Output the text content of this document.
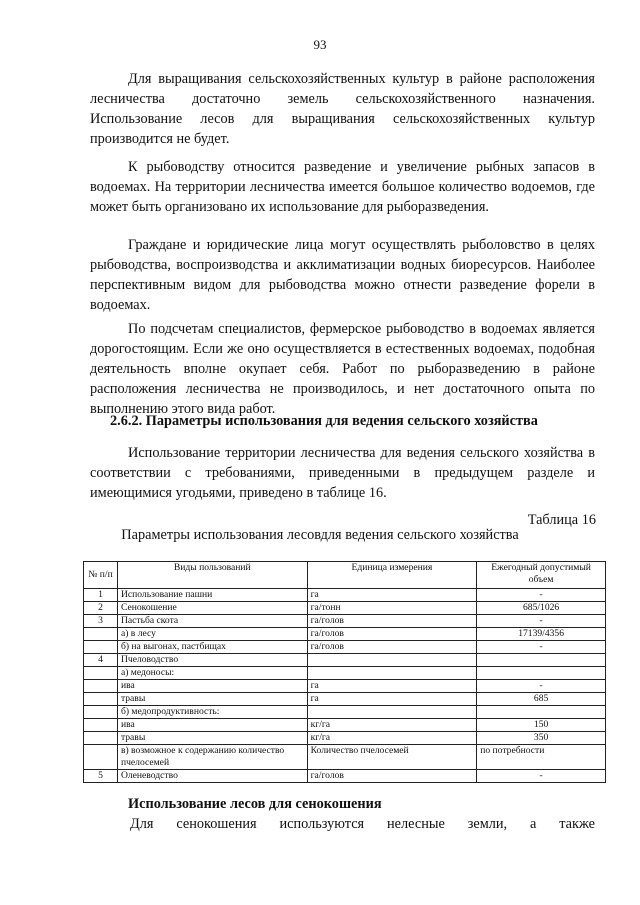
93

Для выращивания сельскохозяйственных культур в районе расположения лесничества достаточно земель сельскохозяйственного назначения. Использование лесов для выращивания сельскохозяйственных культур производится не будет.

К рыбоводству относится разведение и увеличение рыбных запасов в водоемах. На территории лесничества имеется большое количество водоемов, где может быть организовано их использование для рыборазведения.

Граждане и юридические лица могут осуществлять рыболовство в целях рыбоводства, воспроизводства и акклиматизации водных биоресурсов. Наиболее перспективным видом для рыбоводства можно отнести разведение форели в водоемах.

По подсчетам специалистов, фермерское рыбоводство в водоемах является дорогостоящим. Если же оно осуществляется в естественных водоемах, подобная деятельность вполне окупает себя. Работ по рыборазведению в районе расположения лесничества не производилось, и нет достаточного опыта по выполнению этого вида работ.

2.6.2. Параметры использования для ведения сельского хозяйства

Использование территории лесничества для ведения сельского хозяйства в соответствии с требованиями, приведенными в предыдущем разделе и имеющимися угодьями, приведено в таблице 16.

Таблица 16
Параметры использования лесовдля ведения сельского хозяйства
№ п/п	Виды пользований	Единица измерения	Ежегодный допустимый объем
1	Использование пашни	га	-
2	Сенокошение	га/тонн	685/1026
3	Пастьба скота	га/голов	-
	а) в лесу	га/голов	17139/4356
	б) на выгонах, пастбищах	га/голов	-
4	Пчеловодство		
	а) медоносы:		
	ива	га	-
	травы	га	685
	б) медопродуктивность:		
	ива	кг/га	150
	травы	кг/га	350
	в) возможное к содержанию количество пчелосемей	Количество пчелосемей	по потребности
5	Оленеводство	га/голов	-
Использование лесов для сенокошения

Для сенокошения используются нелесные земли, а также
